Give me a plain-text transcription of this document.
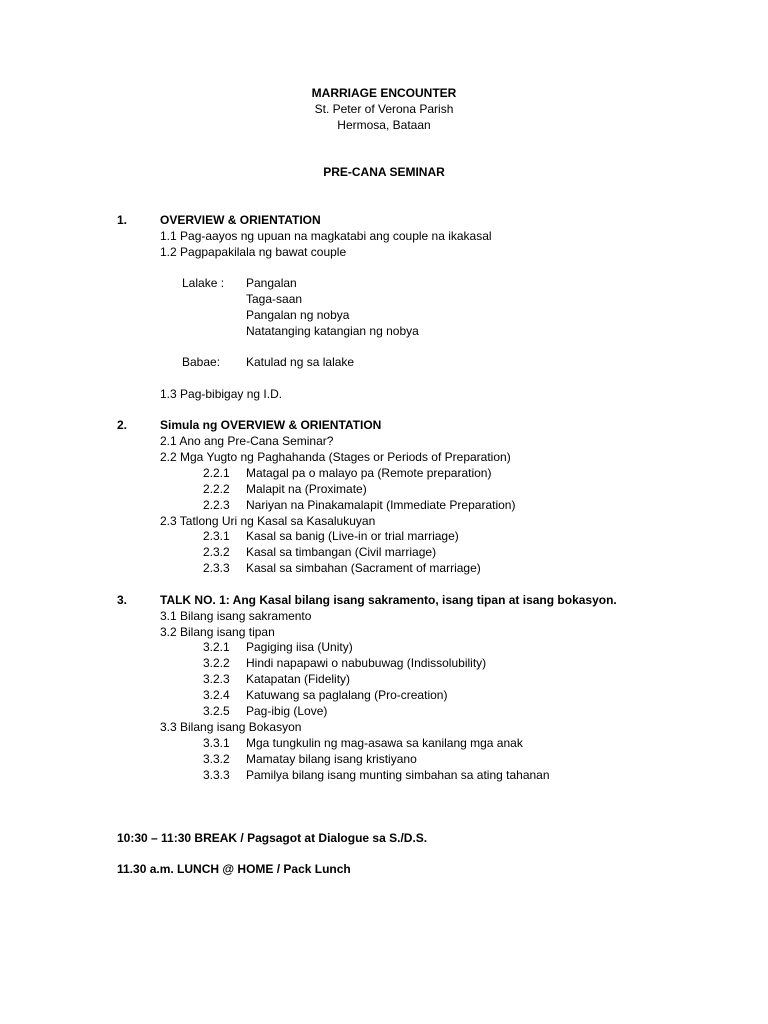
MARRIAGE ENCOUNTER
St. Peter of Verona Parish
Hermosa, Bataan
PRE-CANA SEMINAR
1.	OVERVIEW & ORIENTATION
1.1 Pag-aayos ng upuan na magkatabi ang couple na ikakasal
1.2 Pagpapakilala ng bawat couple
Lalake : Pangalan
Taga-saan
Pangalan ng nobya
Natatanging katangian ng nobya
Babae: Katulad ng sa lalake
1.3 Pag-bibigay ng I.D.
2.	Simula ng OVERVIEW & ORIENTATION
2.1 Ano ang Pre-Cana Seminar?
2.2 Mga Yugto ng Paghahanda (Stages or Periods of Preparation)
2.2.1 Matagal pa o malayo pa (Remote preparation)
2.2.2 Malapit na (Proximate)
2.2.3 Nariyan na Pinakamalapit (Immediate Preparation)
2.3 Tatlong Uri ng Kasal sa Kasalukuyan
2.3.1 Kasal sa banig (Live-in or trial marriage)
2.3.2 Kasal sa timbangan (Civil marriage)
2.3.3 Kasal sa simbahan (Sacrament of marriage)
3.	TALK NO. 1: Ang Kasal bilang isang sakramento, isang tipan at isang bokasyon.
3.1 Bilang isang sakramento
3.2 Bilang isang tipan
3.2.1 Pagiging iisa (Unity)
3.2.2 Hindi napapawi o nabubuwag (Indissolubility)
3.2.3 Katapatan (Fidelity)
3.2.4 Katuwang sa paglalang (Pro-creation)
3.2.5 Pag-ibig (Love)
3.3 Bilang isang Bokasyon
3.3.1 Mga tungkulin ng mag-asawa sa kanilang mga anak
3.3.2 Mamatay bilang isang kristiyano
3.3.3 Pamilya bilang isang munting simbahan sa ating tahanan
10:30 – 11:30 BREAK / Pagsagot at Dialogue sa S./D.S.
11.30 a.m. LUNCH @ HOME / Pack Lunch
